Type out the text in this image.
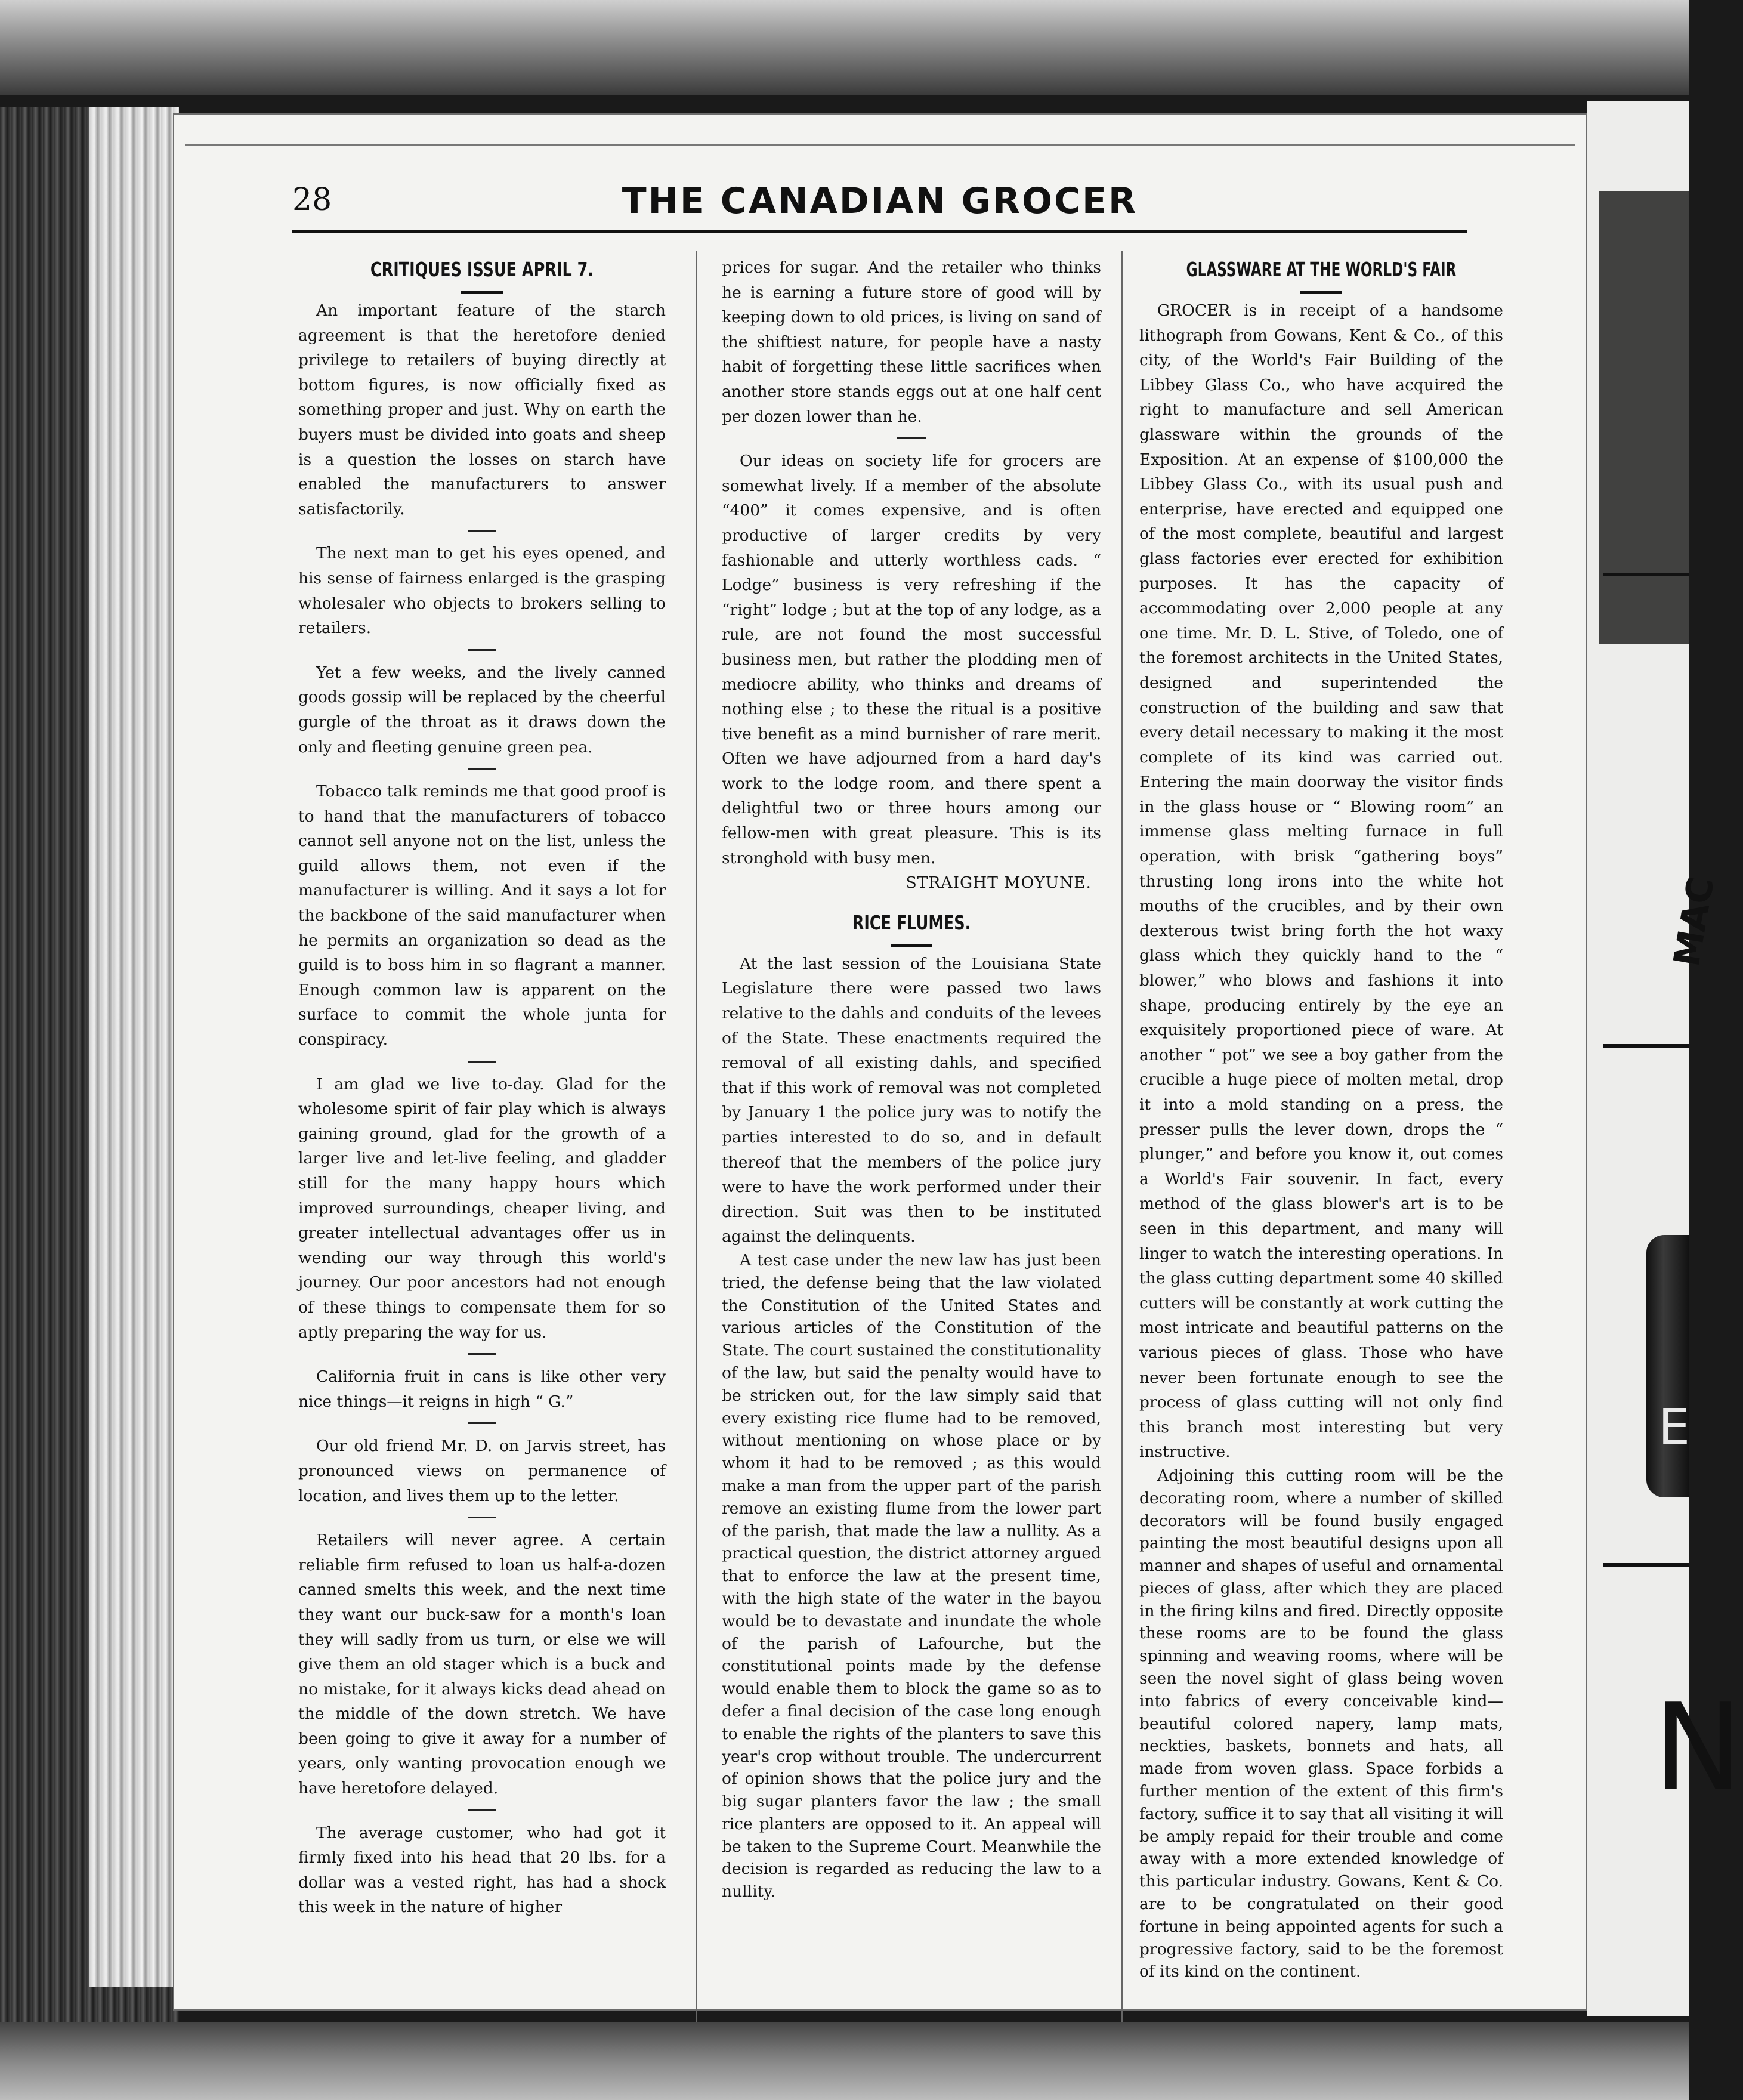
28	THE CANADIAN GROCER
CRITIQUES ISSUE APRIL 7.

An important feature of the starch agreement is that the heretofore denied privilege to retailers of buying directly at bottom figures, is now officially fixed as something proper and just. Why on earth the buyers must be divided into goats and sheep is a question the losses on starch have enabled the manufacturers to answer satisfactorily.

The next man to get his eyes opened, and his sense of fairness enlarged is the grasping wholesaler who objects to brokers selling to retailers.

Yet a few weeks, and the lively canned goods gossip will be replaced by the cheerful gurgle of the throat as it draws down the only and fleeting genuine green pea.

Tobacco talk reminds me that good proof is to hand that the manufacturers of tobacco cannot sell anyone not on the list, unless the guild allows them, not even if the manufacturer is willing. And it says a lot for the backbone of the said manufacturer when he permits an organization so dead as the guild is to boss him in so flagrant a manner. Enough common law is apparent on the surface to commit the whole junta for conspiracy.

I am glad we live to-day. Glad for the wholesome spirit of fair play which is always gaining ground, glad for the growth of a larger live and let-live feeling, and gladder still for the many happy hours which improved surroundings, cheaper living, and greater intellectual advantages offer us in wending our way through this world's journey. Our poor ancestors had not enough of these things to compensate them for so aptly preparing the way for us.

California fruit in cans is like other very nice things—it reigns in high “ G.”

Our old friend Mr. D. on Jarvis street, has pronounced views on permanence of location, and lives them up to the letter.

Retailers will never agree. A certain reliable firm refused to loan us half-a-dozen canned smelts this week, and the next time they want our buck-saw for a month's loan they will sadly from us turn, or else we will give them an old stager which is a buck and no mistake, for it always kicks dead ahead on the middle of the down stretch. We have been going to give it away for a number of years, only wanting provocation enough we have heretofore delayed.

The average customer, who had got it firmly fixed into his head that 20 lbs. for a dollar was a vested right, has had a shock this week in the nature of higher

prices for sugar. And the retailer who thinks he is earning a future store of good will by keeping down to old prices, is living on sand of the shiftiest nature, for people have a nasty habit of forgetting these little sacrifices when another store stands eggs out at one half cent per dozen lower than he.

Our ideas on society life for grocers are somewhat lively. If a member of the absolute “400” it comes expensive, and is often productive of larger credits by very fashionable and utterly worthless cads. “ Lodge” business is very refreshing if the “right” lodge ; but at the top of any lodge, as a rule, are not found the most successful business men, but rather the plodding men of mediocre ability, who thinks and dreams of nothing else ; to these the ritual is a positive tive benefit as a mind burnisher of rare merit. Often we have adjourned from a hard day's work to the lodge room, and there spent a delightful two or three hours among our fellow-men with great pleasure. This is its stronghold with busy men.

STRAIGHT MOYUNE.
RICE FLUMES.

At the last session of the Louisiana State Legislature there were passed two laws relative to the dahls and conduits of the levees of the State. These enactments required the removal of all existing dahls, and specified that if this work of removal was not completed by January 1 the police jury was to notify the parties interested to do so, and in default thereof that the members of the police jury were to have the work performed under their direction. Suit was then to be instituted against the delinquents.

A test case under the new law has just been tried, the defense being that the law violated the Constitution of the United States and various articles of the Constitution of the State. The court sustained the constitutionality of the law, but said the penalty would have to be stricken out, for the law simply said that every existing rice flume had to be removed, without mentioning on whose place or by whom it had to be removed ; as this would make a man from the upper part of the parish remove an existing flume from the lower part of the parish, that made the law a nullity. As a practical question, the district attorney argued that to enforce the law at the present time, with the high state of the water in the bayou would be to devastate and inundate the whole of the parish of Lafourche, but the constitutional points made by the defense would enable them to block the game so as to defer a final decision of the case long enough to enable the rights of the planters to save this year's crop without trouble. The undercurrent of opinion shows that the police jury and the big sugar planters favor the law ; the small rice planters are opposed to it. An appeal will be taken to the Supreme Court. Meanwhile the decision is regarded as reducing the law to a nullity.

GLASSWARE AT THE WORLD'S FAIR

GROCER is in receipt of a handsome lithograph from Gowans, Kent & Co., of this city, of the World's Fair Building of the Libbey Glass Co., who have acquired the right to manufacture and sell American glassware within the grounds of the Exposition. At an expense of $100,000 the Libbey Glass Co., with its usual push and enterprise, have erected and equipped one of the most complete, beautiful and largest glass factories ever erected for exhibition purposes. It has the capacity of accommodating over 2,000 people at any one time. Mr. D. L. Stive, of Toledo, one of the foremost architects in the United States, designed and superintended the construction of the building and saw that every detail necessary to making it the most complete of its kind was carried out. Entering the main doorway the visitor finds in the glass house or “ Blowing room” an immense glass melting furnace in full operation, with brisk “gathering boys” thrusting long irons into the white hot mouths of the crucibles, and by their own dexterous twist bring forth the hot waxy glass which they quickly hand to the “ blower,” who blows and fashions it into shape, producing entirely by the eye an exquisitely proportioned piece of ware. At another “ pot” we see a boy gather from the crucible a huge piece of molten metal, drop it into a mold standing on a press, the presser pulls the lever down, drops the “ plunger,” and before you know it, out comes a World's Fair souvenir. In fact, every method of the glass blower's art is to be seen in this department, and many will linger to watch the interesting operations. In the glass cutting department some 40 skilled cutters will be constantly at work cutting the most intricate and beautiful patterns on the various pieces of glass. Those who have never been fortunate enough to see the process of glass cutting will not only find this branch most interesting but very instructive.

Adjoining this cutting room will be the decorating room, where a number of skilled decorators will be found busily engaged painting the most beautiful designs upon all manner and shapes of useful and ornamental pieces of glass, after which they are placed in the firing kilns and fired. Directly opposite these rooms are to be found the glass spinning and weaving rooms, where will be seen the novel sight of glass being woven into fabrics of every conceivable kind—beautiful colored napery, lamp mats, neckties, baskets, bonnets and hats, all made from woven glass. Space forbids a further mention of the extent of this firm's factory, suffice it to say that all visiting it will be amply repaid for their trouble and come away with a more extended knowledge of this particular industry. Gowans, Kent & Co. are to be congratulated on their good fortune in being appointed agents for such a progressive factory, said to be the foremost of its kind on the continent.

MAC
E
N
